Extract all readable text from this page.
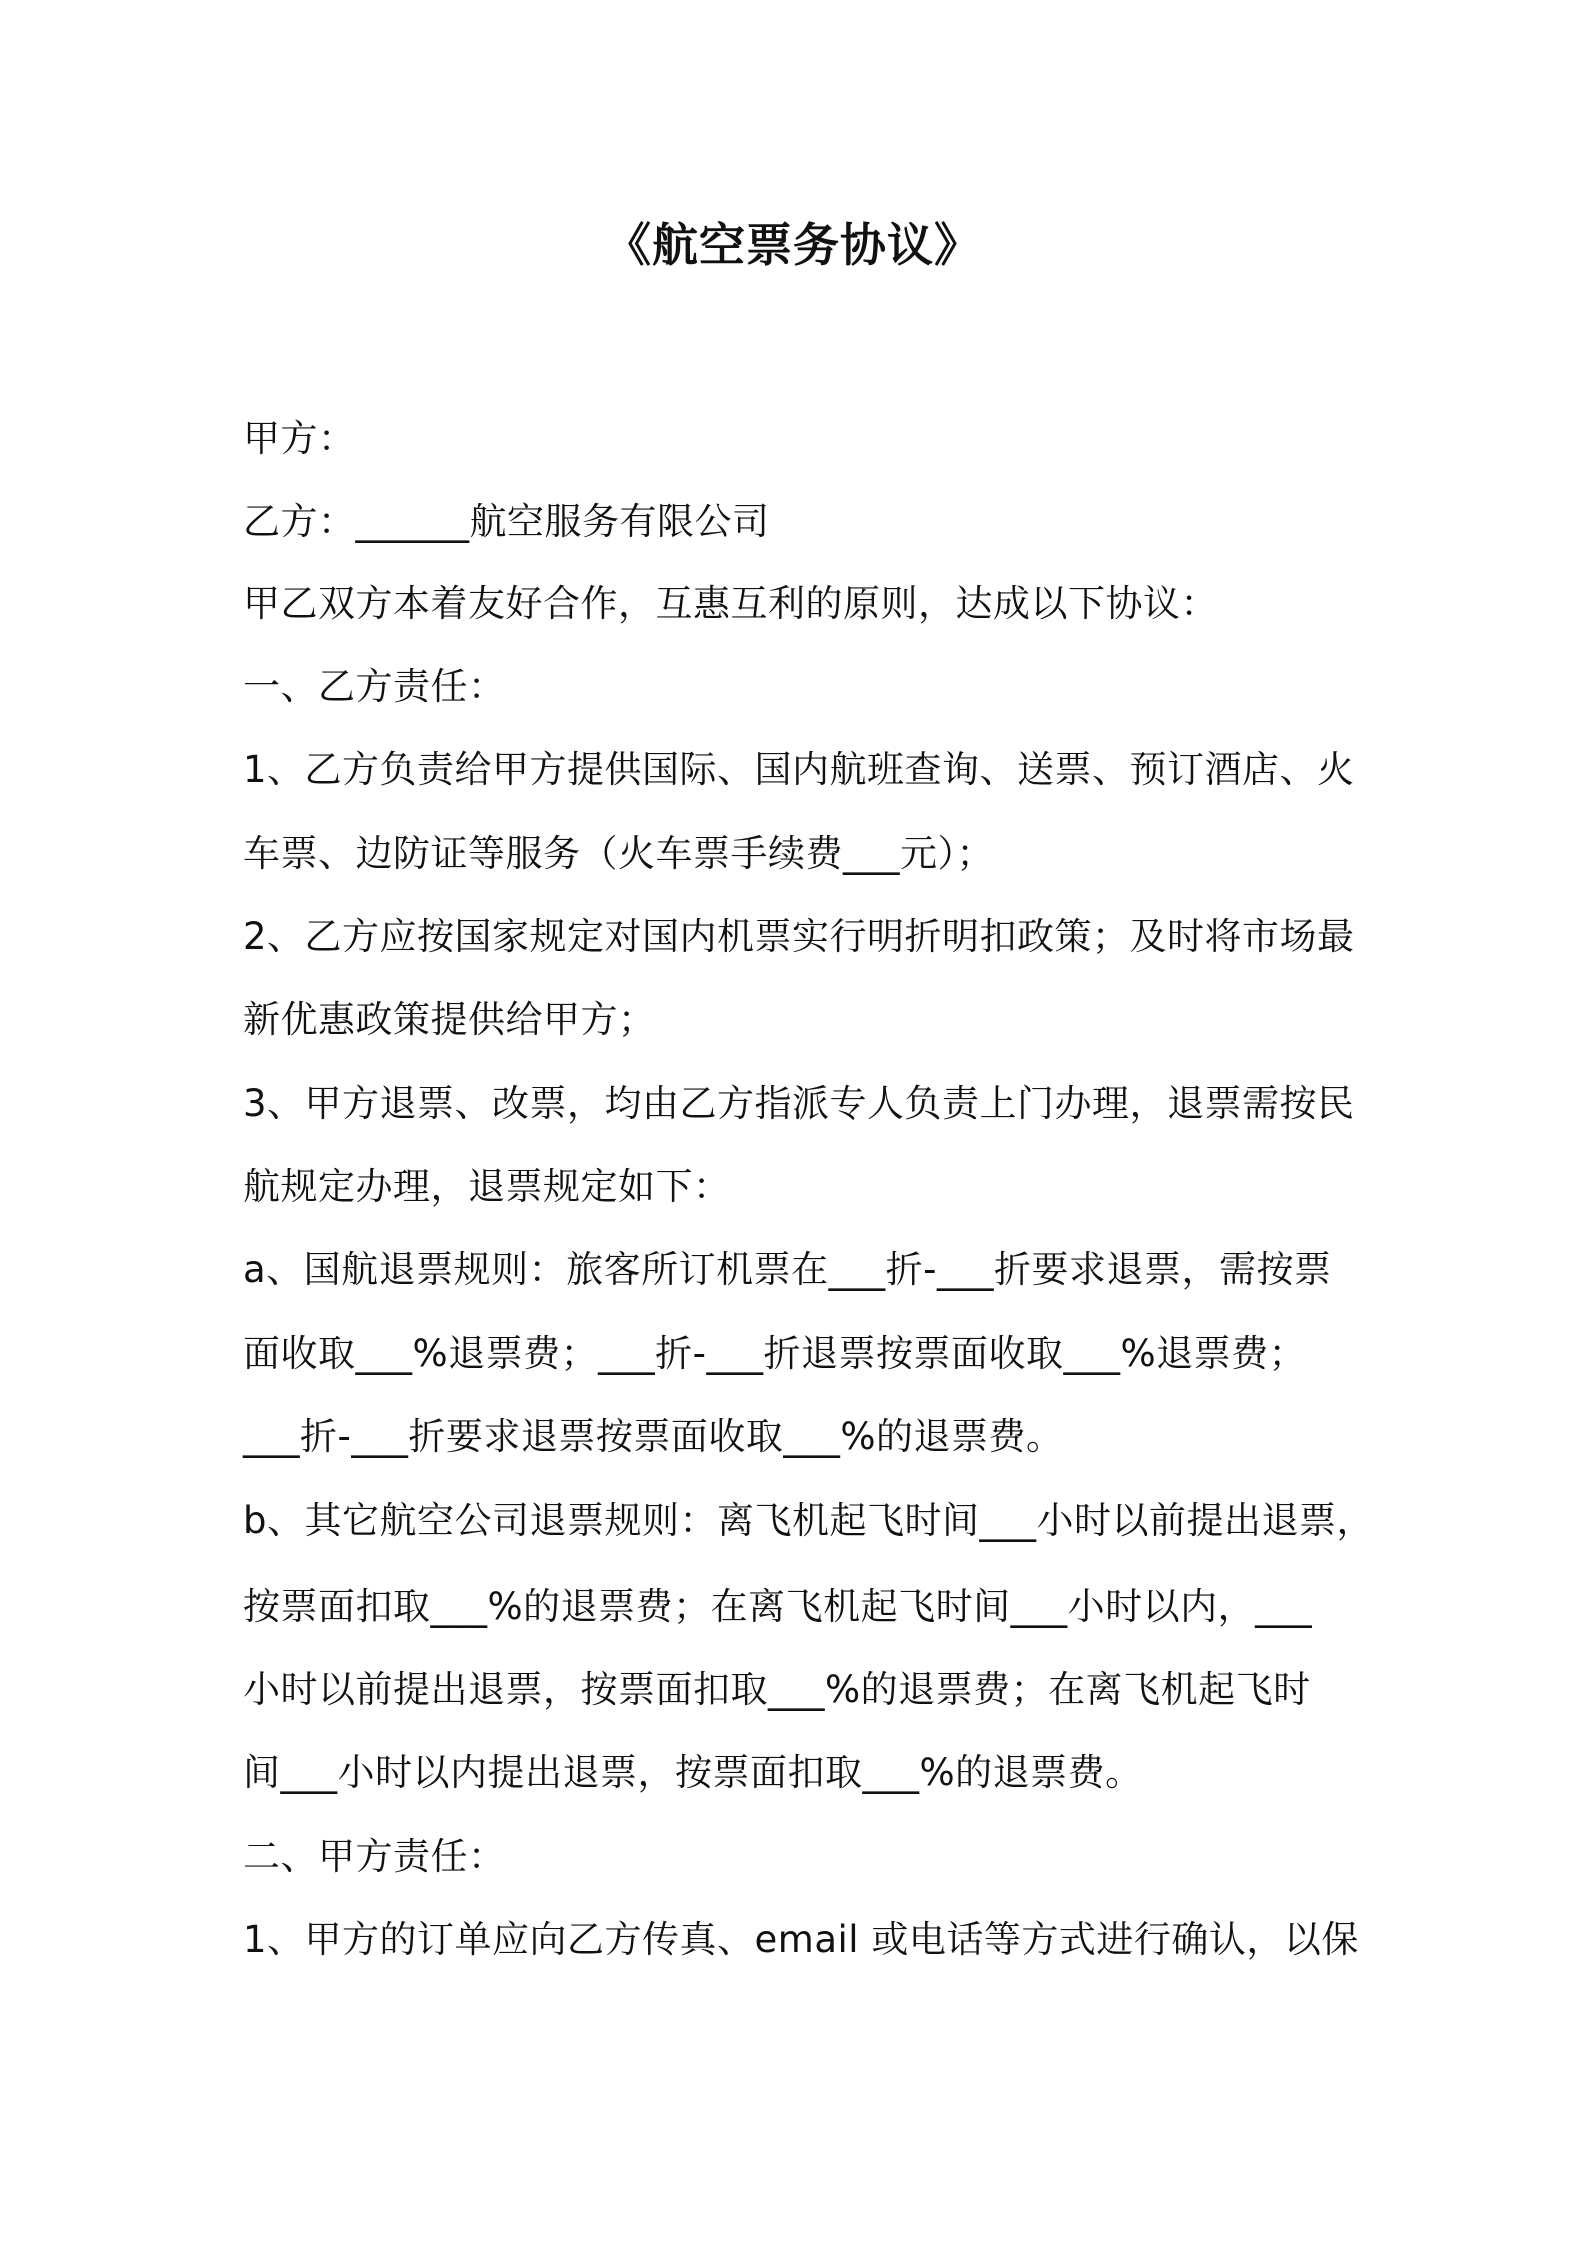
《航空票务协议》
甲方：
乙方：______航空服务有限公司
甲乙双方本着友好合作，互惠互利的原则，达成以下协议：
一、乙方责任：
1、乙方负责给甲方提供国际、国内航班查询、送票、预订酒店、火
车票、边防证等服务（火车票手续费___元）；
2、乙方应按国家规定对国内机票实行明折明扣政策；及时将市场最
新优惠政策提供给甲方；
3、甲方退票、改票，均由乙方指派专人负责上门办理，退票需按民
航规定办理，退票规定如下：
a、国航退票规则：旅客所订机票在___折-___折要求退票，需按票
面收取___%退票费；___折-___折退票按票面收取___%退票费；
___折-___折要求退票按票面收取___%的退票费。
b、其它航空公司退票规则：离飞机起飞时间___小时以前提出退票，
按票面扣取___%的退票费；在离飞机起飞时间___小时以内，___
小时以前提出退票，按票面扣取___%的退票费；在离飞机起飞时
间___小时以内提出退票，按票面扣取___%的退票费。
二、甲方责任：
1、甲方的订单应向乙方传真、email 或电话等方式进行确认，以保
